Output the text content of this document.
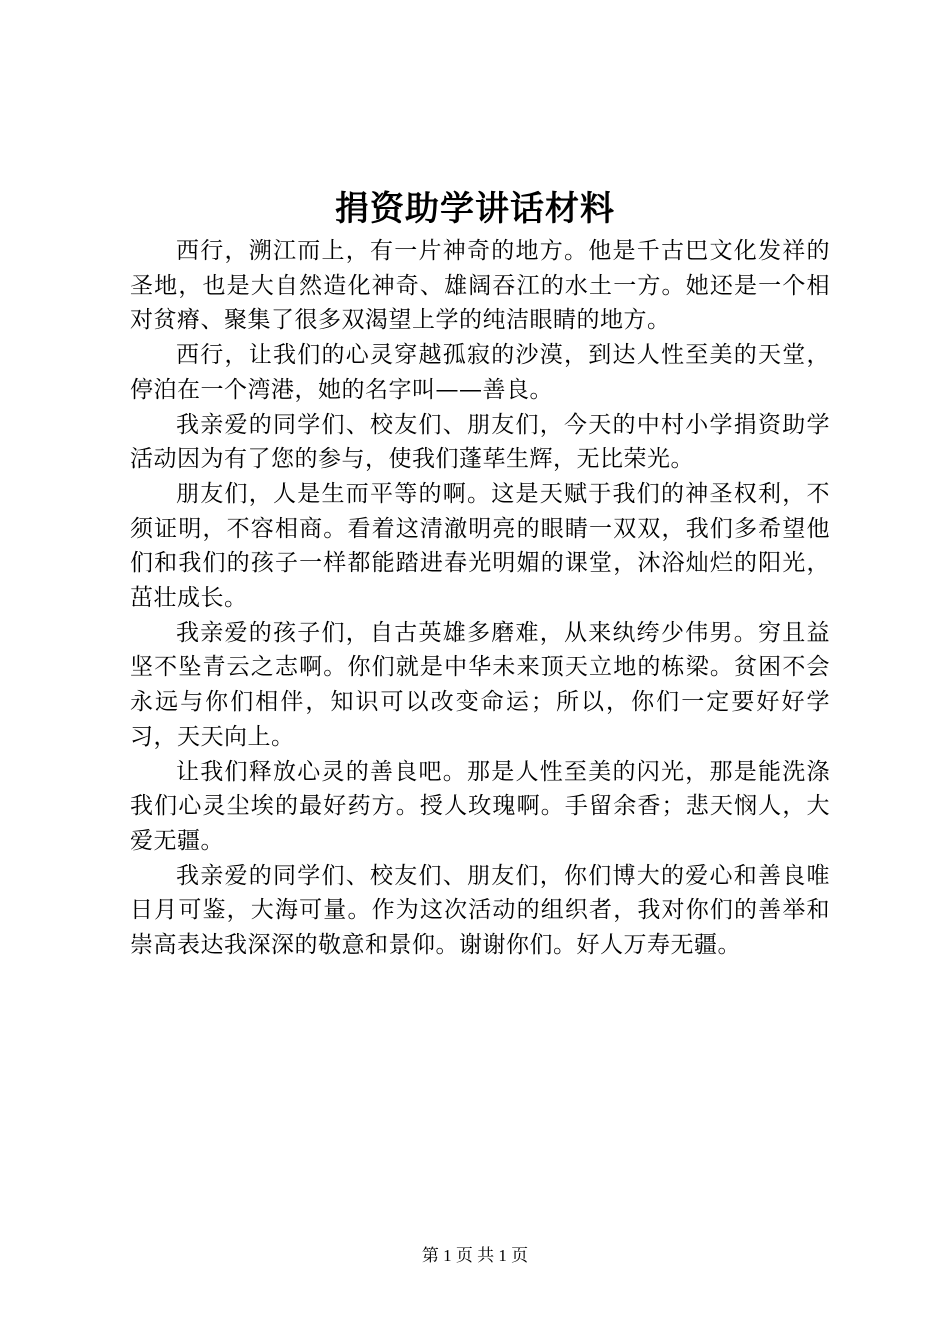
捐资助学讲话材料

西行，溯江而上，有一片神奇的地方。他是千古巴文化发祥的圣地，也是大自然造化神奇、雄阔吞江的水土一方。她还是一个相对贫瘠、聚集了很多双渴望上学的纯洁眼睛的地方。

西行，让我们的心灵穿越孤寂的沙漠，到达人性至美的天堂，停泊在一个湾港，她的名字叫——善良。

我亲爱的同学们、校友们、朋友们，今天的中村小学捐资助学活动因为有了您的参与，使我们蓬荜生辉，无比荣光。

朋友们，人是生而平等的啊。这是天赋于我们的神圣权利，不须证明，不容相商。看着这清澈明亮的眼睛一双双，我们多希望他们和我们的孩子一样都能踏进春光明媚的课堂，沐浴灿烂的阳光，茁壮成长。

我亲爱的孩子们，自古英雄多磨难，从来纨绔少伟男。穷且益坚不坠青云之志啊。你们就是中华未来顶天立地的栋梁。贫困不会永远与你们相伴，知识可以改变命运；所以，你们一定要好好学习，天天向上。

让我们释放心灵的善良吧。那是人性至美的闪光，那是能洗涤我们心灵尘埃的最好药方。授人玫瑰啊。手留余香；悲天悯人，大爱无疆。

我亲爱的同学们、校友们、朋友们，你们博大的爱心和善良唯日月可鉴，大海可量。作为这次活动的组织者，我对你们的善举和崇高表达我深深的敬意和景仰。谢谢你们。好人万寿无疆。

第 1 页 共 1 页
